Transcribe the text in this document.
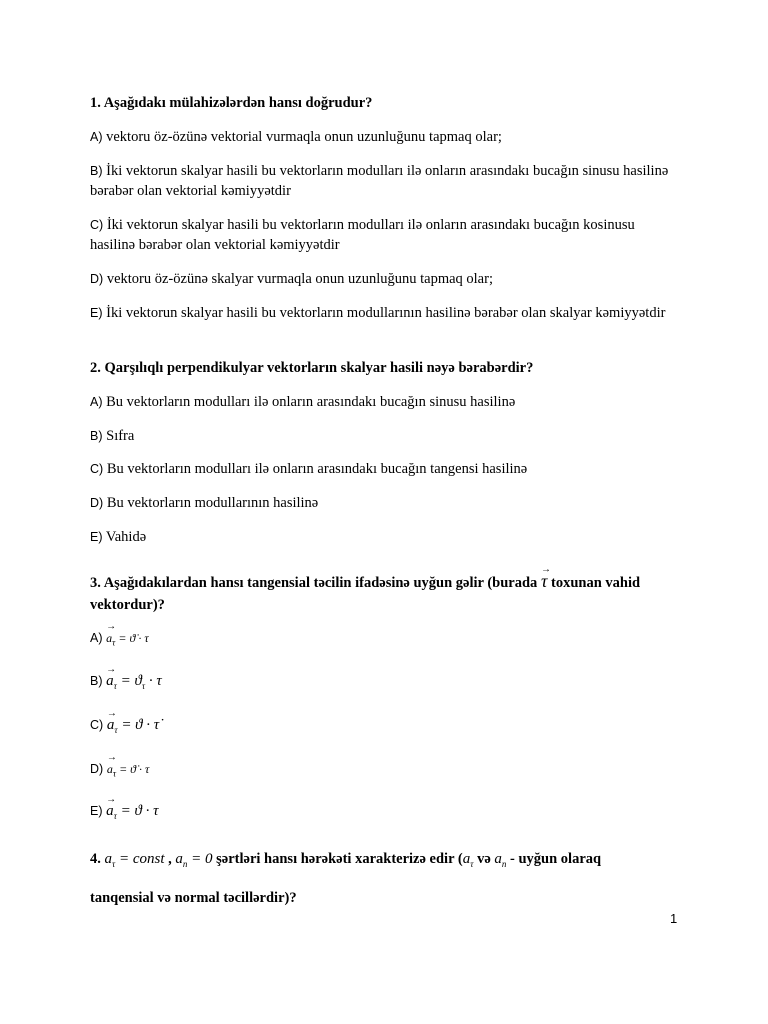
1. Aşağıdakı mülahizələrdən hansı doğrudur?
A) vektoru öz-özünə vektorial vurmaqla onun uzunluğunu tapmaq olar;
B) İki vektorun skalyar hasili bu vektorların modulları ilə onların arasındakı bucağın sinusu hasilinə bərabər olan vektorial kəmiyyətdir
C) İki vektorun skalyar hasili bu vektorların modulları ilə onların arasındakı bucağın kosinusu hasilinə bərabər olan vektorial kəmiyyətdir
D) vektoru öz-özünə skalyar vurmaqla onun uzunluğunu tapmaq olar;
E) İki vektorun skalyar hasili bu vektorların modullarının hasilinə bərabər olan skalyar kəmiyyətdir
2. Qarşılıqlı perpendikulyar vektorların skalyar hasili nəyə bərabərdir?
A) Bu vektorların modulları ilə onların arasındakı bucağın sinusu hasilinə
B) Sıfra
C) Bu vektorların modulları ilə onların arasındakı bucağın tangensi hasilinə
D) Bu vektorların modullarının hasilinə
E) Vahidə
3. Aşağıdakılardan hansı tangensial təcilin ifadəsinə uyğun gəlir (burada → τ toxunan vahid vektordur)?
$A) \to a_\tau$ = ϑ̇ · τ
$B) \to a_\tau = ϑ_\tau \cdot \tau$
$C) \to a_\tau = ϑ$ · τ̇
$D) \to a_\tau$ = ϑ̇ · τ
$E) \to a_\tau = ϑ \cdot \tau$
4. $a_\tau$ = const , $a_n = 0$ şərtləri hansı hərəkəti xarakterizə edir ($a_\tau$ və $a_n$ - uyğun olaraq
tanqensial və normal təcillərdir)?
1
